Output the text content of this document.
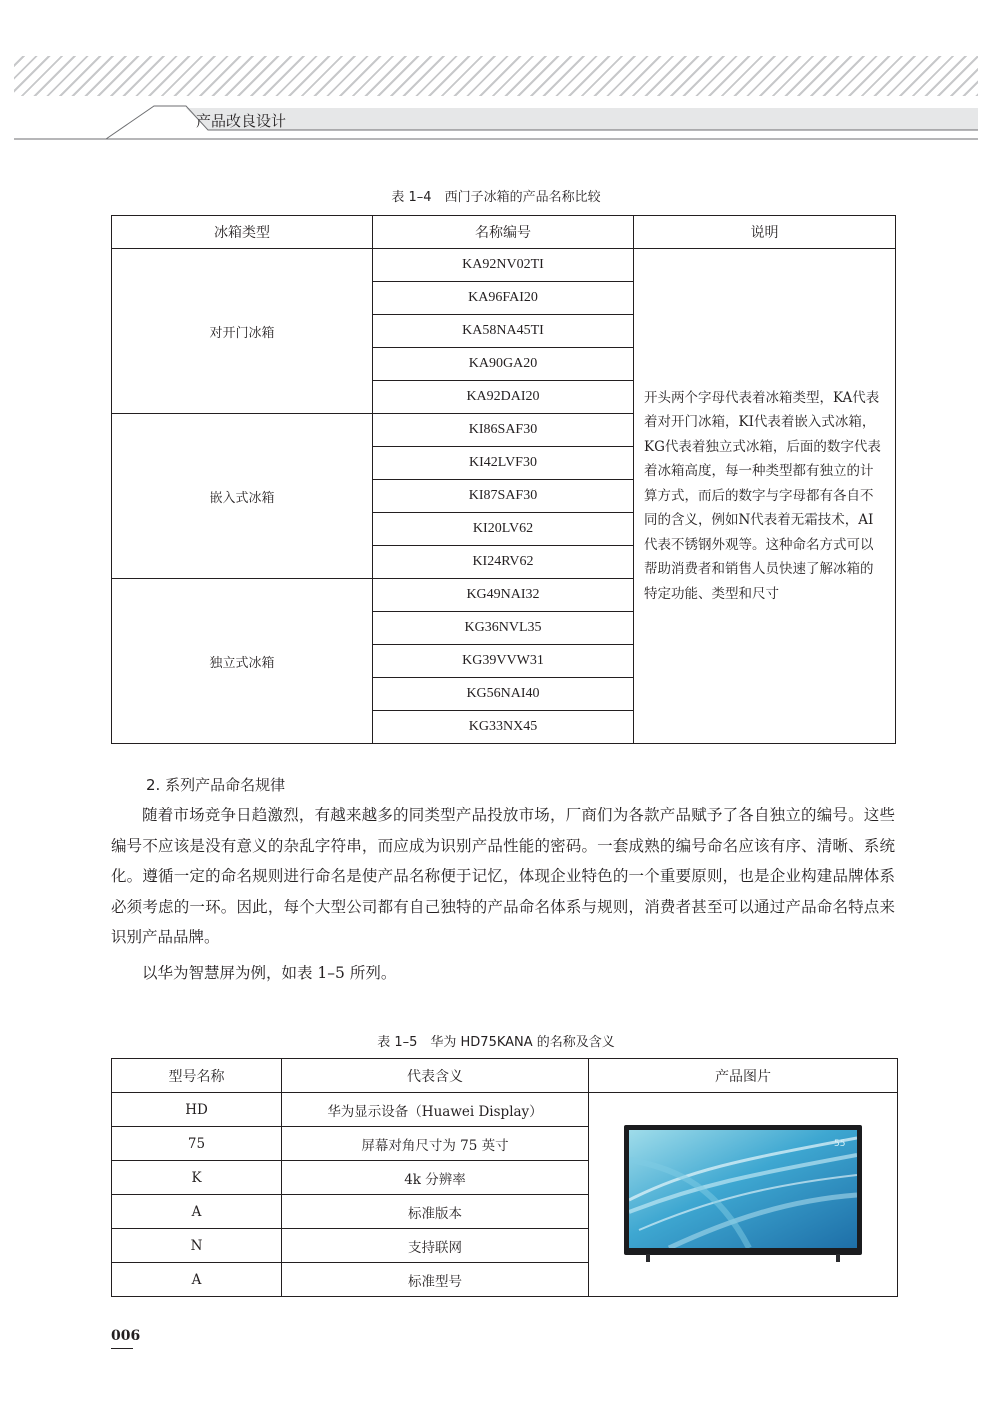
产品改良设计
表 1–4　西门子冰箱的产品名称比较
冰箱类型	名称编号	说明
对开门冰箱	KA92NV02TI	开头两个字母代表着冰箱类型，KA代表着对开门冰箱，KI代表着嵌入式冰箱，KG代表着独立式冰箱，后面的数字代表着冰箱高度，每一种类型都有独立的计算方式，而后的数字与字母都有各自不同的含义，例如N代表着无霜技术，AI代表不锈钢外观等。这种命名方式可以帮助消费者和销售人员快速了解冰箱的特定功能、类型和尺寸
	KA96FAI20	
	KA58NA45TI	
	KA90GA20	
	KA92DAI20	
嵌入式冰箱	KI86SAF30	
	KI42LVF30	
	KI87SAF30	
	KI20LV62	
	KI24RV62	
独立式冰箱	KG49NAI32	
	KG36NVL35	
	KG39VVW31	
	KG56NAI40	
	KG33NX45	
2. 系列产品命名规律
随着市场竞争日趋激烈，有越来越多的同类型产品投放市场，厂商们为各款产品赋予了各自独立的编号。这些编号不应该是没有意义的杂乱字符串，而应成为识别产品性能的密码。一套成熟的编号命名应该有序、清晰、系统化。遵循一定的命名规则进行命名是使产品名称便于记忆，体现企业特色的一个重要原则，也是企业构建品牌体系必须考虑的一环。因此，每个大型公司都有自己独特的产品命名体系与规则，消费者甚至可以通过产品命名特点来识别产品品牌。
以华为智慧屏为例，如表 1–5 所列。
表 1–5　华为 HD75KANA 的名称及含义
型号名称	代表含义	产品图片
HD	华为显示设备（Huawei Display）	55

75	屏幕对角尺寸为 75 英寸	
K	4k 分辨率	
A	标准版本	
N	支持联网	
A	标准型号	
006
